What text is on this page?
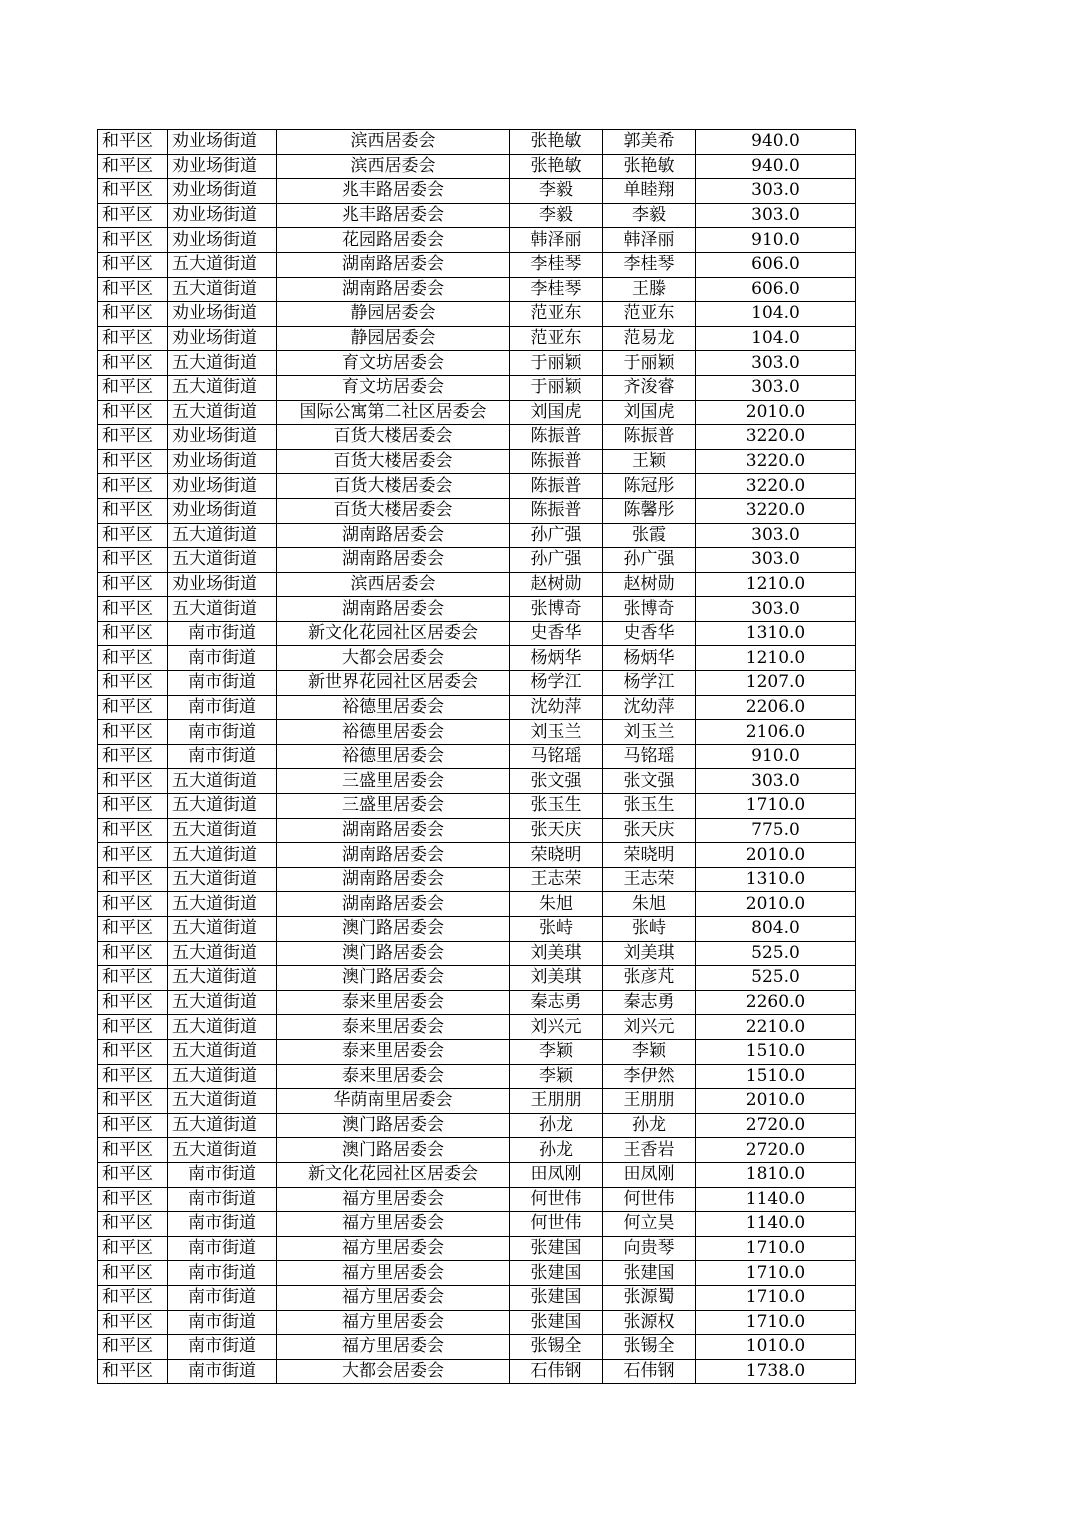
和平区	劝业场街道	滨西居委会	张艳敏	郭美希	940.0
和平区	劝业场街道	滨西居委会	张艳敏	张艳敏	940.0
和平区	劝业场街道	兆丰路居委会	李毅	单睦翔	303.0
和平区	劝业场街道	兆丰路居委会	李毅	李毅	303.0
和平区	劝业场街道	花园路居委会	韩泽丽	韩泽丽	910.0
和平区	五大道街道	湖南路居委会	李桂琴	李桂琴	606.0
和平区	五大道街道	湖南路居委会	李桂琴	王滕	606.0
和平区	劝业场街道	静园居委会	范亚东	范亚东	104.0
和平区	劝业场街道	静园居委会	范亚东	范易龙	104.0
和平区	五大道街道	育文坊居委会	于丽颖	于丽颖	303.0
和平区	五大道街道	育文坊居委会	于丽颖	齐浚睿	303.0
和平区	五大道街道	国际公寓第二社区居委会	刘国虎	刘国虎	2010.0
和平区	劝业场街道	百货大楼居委会	陈振普	陈振普	3220.0
和平区	劝业场街道	百货大楼居委会	陈振普	王颖	3220.0
和平区	劝业场街道	百货大楼居委会	陈振普	陈冠彤	3220.0
和平区	劝业场街道	百货大楼居委会	陈振普	陈馨彤	3220.0
和平区	五大道街道	湖南路居委会	孙广强	张霞	303.0
和平区	五大道街道	湖南路居委会	孙广强	孙广强	303.0
和平区	劝业场街道	滨西居委会	赵树勋	赵树勋	1210.0
和平区	五大道街道	湖南路居委会	张博奇	张博奇	303.0
和平区	南市街道	新文化花园社区居委会	史香华	史香华	1310.0
和平区	南市街道	大都会居委会	杨炳华	杨炳华	1210.0
和平区	南市街道	新世界花园社区居委会	杨学江	杨学江	1207.0
和平区	南市街道	裕德里居委会	沈幼萍	沈幼萍	2206.0
和平区	南市街道	裕德里居委会	刘玉兰	刘玉兰	2106.0
和平区	南市街道	裕德里居委会	马铭瑶	马铭瑶	910.0
和平区	五大道街道	三盛里居委会	张文强	张文强	303.0
和平区	五大道街道	三盛里居委会	张玉生	张玉生	1710.0
和平区	五大道街道	湖南路居委会	张天庆	张天庆	775.0
和平区	五大道街道	湖南路居委会	荣晓明	荣晓明	2010.0
和平区	五大道街道	湖南路居委会	王志荣	王志荣	1310.0
和平区	五大道街道	湖南路居委会	朱旭	朱旭	2010.0
和平区	五大道街道	澳门路居委会	张峙	张峙	804.0
和平区	五大道街道	澳门路居委会	刘美琪	刘美琪	525.0
和平区	五大道街道	澳门路居委会	刘美琪	张彦芃	525.0
和平区	五大道街道	泰来里居委会	秦志勇	秦志勇	2260.0
和平区	五大道街道	泰来里居委会	刘兴元	刘兴元	2210.0
和平区	五大道街道	泰来里居委会	李颖	李颖	1510.0
和平区	五大道街道	泰来里居委会	李颖	李伊然	1510.0
和平区	五大道街道	华荫南里居委会	王朋朋	王朋朋	2010.0
和平区	五大道街道	澳门路居委会	孙龙	孙龙	2720.0
和平区	五大道街道	澳门路居委会	孙龙	王香岩	2720.0
和平区	南市街道	新文化花园社区居委会	田凤刚	田凤刚	1810.0
和平区	南市街道	福方里居委会	何世伟	何世伟	1140.0
和平区	南市街道	福方里居委会	何世伟	何立昊	1140.0
和平区	南市街道	福方里居委会	张建国	向贵琴	1710.0
和平区	南市街道	福方里居委会	张建国	张建国	1710.0
和平区	南市街道	福方里居委会	张建国	张源蜀	1710.0
和平区	南市街道	福方里居委会	张建国	张源权	1710.0
和平区	南市街道	福方里居委会	张锡全	张锡全	1010.0
和平区	南市街道	大都会居委会	石伟钢	石伟钢	1738.0
